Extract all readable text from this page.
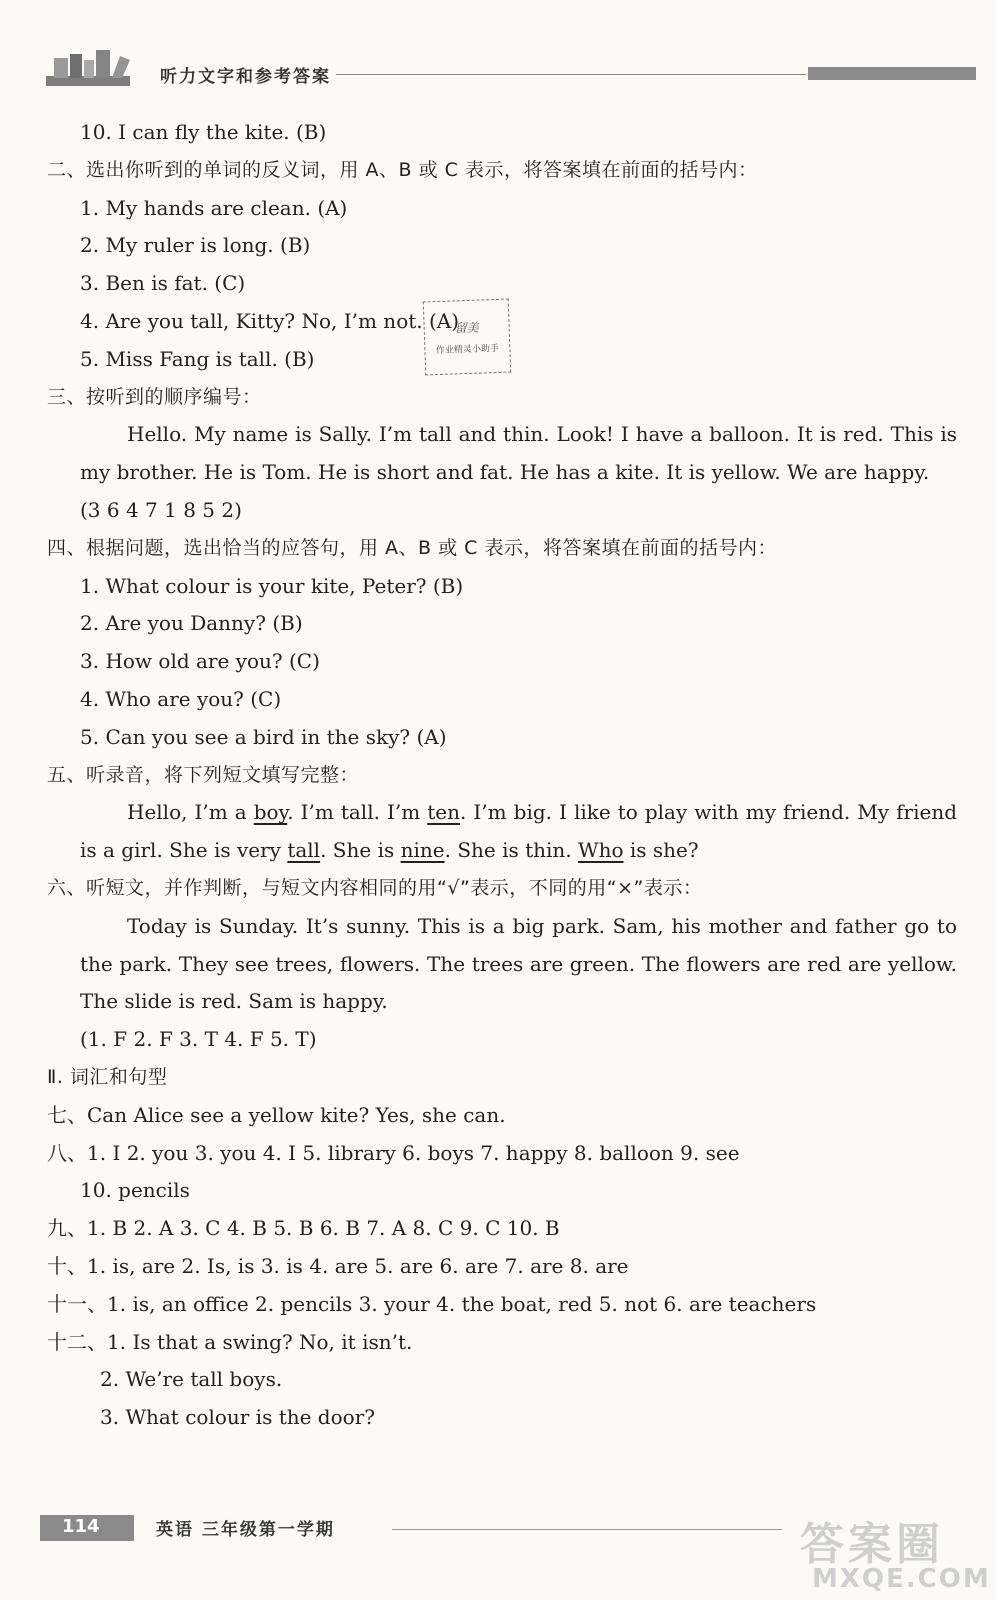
听力文字和参考答案
10. I can fly the kite. (B)
二、选出你听到的单词的反义词，用 A、B 或 C 表示，将答案填在前面的括号内：
1. My hands are clean. (A)
2. My ruler is long. (B)
3. Ben is fat. (C)
4. Are you tall, Kitty? No, I’m not. (A)
5. Miss Fang is tall. (B)
三、按听到的顺序编号：
Hello. My name is Sally. I’m tall and thin. Look! I have a balloon. It is red. This is my brother. He is Tom. He is short and fat. He has a kite. It is yellow. We are happy.
(3 6 4 7 1 8 5 2)
四、根据问题，选出恰当的应答句，用 A、B 或 C 表示，将答案填在前面的括号内：
1. What colour is your kite, Peter? (B)
2. Are you Danny? (B)
3. How old are you? (C)
4. Who are you? (C)
5. Can you see a bird in the sky? (A)
五、听录音，将下列短文填写完整：
Hello, I’m a boy. I’m tall. I’m ten. I’m big. I like to play with my friend. My friend is a girl. She is very tall. She is nine. She is thin. Who is she?
六、听短文，并作判断，与短文内容相同的用“√”表示，不同的用“×”表示：
Today is Sunday. It’s sunny. This is a big park. Sam, his mother and father go to the park. They see trees, flowers. The trees are green. The flowers are red are yellow. The slide is red. Sam is happy.
(1. F 2. F 3. T 4. F 5. T)
Ⅱ. 词汇和句型
七、Can Alice see a yellow kite? Yes, she can.
八、1. I 2. you 3. you 4. I 5. library 6. boys 7. happy 8. balloon 9. see
10. pencils
九、1. B 2. A 3. C 4. B 5. B 6. B 7. A 8. C 9. C 10. B
十、1. is, are 2. Is, is 3. is 4. are 5. are 6. are 7. are 8. are
十一、1. is, an office 2. pencils 3. your 4. the boat, red 5. not 6. are teachers
十二、1. Is that a swing? No, it isn’t.
2. We’re tall boys.
3. What colour is the door?
留美
作业精灵小助手
114	英语 三年级第一学期	答案圈
MXQE.COM
